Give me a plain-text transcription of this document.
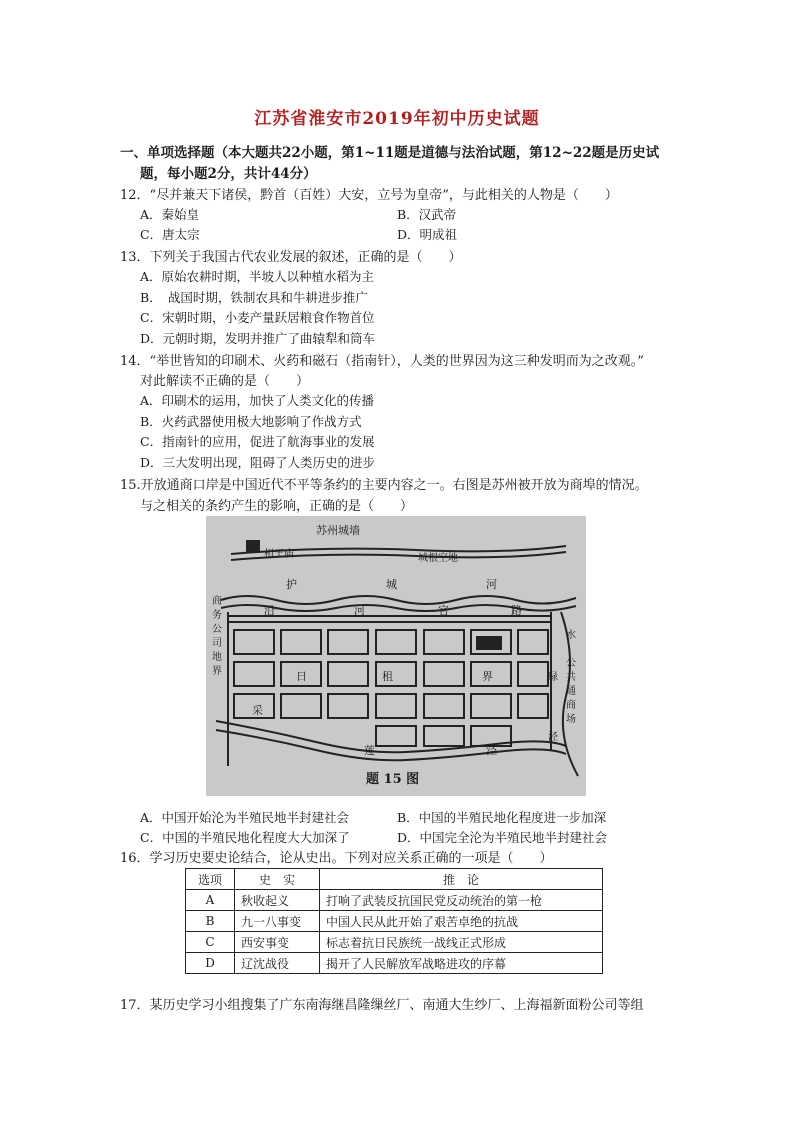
江苏省淮安市2019年初中历史试题
一、单项选择题（本大题共22小题，第1~11题是道德与法治试题，第12~22题是历史试
题，每小题2分，共计44分）
12．“尽并兼天下诸侯，黔首（百姓）大安，立号为皇帝”，与此相关的人物是（　　）
A．秦始皇	B．汉武帝
C．唐太宗	D．明成祖
13．下列关于我国古代农业发展的叙述，正确的是（　　）
A．原始农耕时期，半坡人以种植水稻为主
B．　战国时期，铁制农具和牛耕进步推广
C．宋朝时期，小麦产量跃居粮食作物首位
D．元朝时期，发明并推广了曲辕犁和筒车
14．“举世皆知的印刷术、火药和磁石（指南针），人类的世界因为这三种发明而为之改观。”
对此解读不正确的是（　　）
A．印刷术的运用，加快了人类文化的传播
B．火药武器使用极大地影响了作战方式
C．指南针的应用，促进了航海事业的发展
D．三大发明出现，阻碍了人类历史的进步
15.开放通商口岸是中国近代不平等条约的主要内容之一。右图是苏州被开放为商埠的情况。
与之相关的条约产生的影响，正确的是（　　）
苏州城墙
相王庙	城根空地
护	城	河
沿	河	官	路
商
务
公
司
地
界
水
公
共
通
商
场
绿
泾
日	租	界
采
莲	泾
题 15 图
A．中国开始沦为半殖民地半封建社会	B．中国的半殖民地化程度进一步加深
C．中国的半殖民地化程度大大加深了	D．中国完全沦为半殖民地半封建社会
16．学习历史要史论结合，论从史出。下列对应关系正确的一项是（　　）
选项	史　实	推　论
A	秋收起义	打响了武装反抗国民党反动统治的第一枪
B	九一八事变	中国人民从此开始了艰苦卓绝的抗战
C	西安事变	标志着抗日民族统一战线正式形成
D	辽沈战役	揭开了人民解放军战略进攻的序幕
17．某历史学习小组搜集了广东南海继昌隆缫丝厂、南通大生纱厂、上海福新面粉公司等组
